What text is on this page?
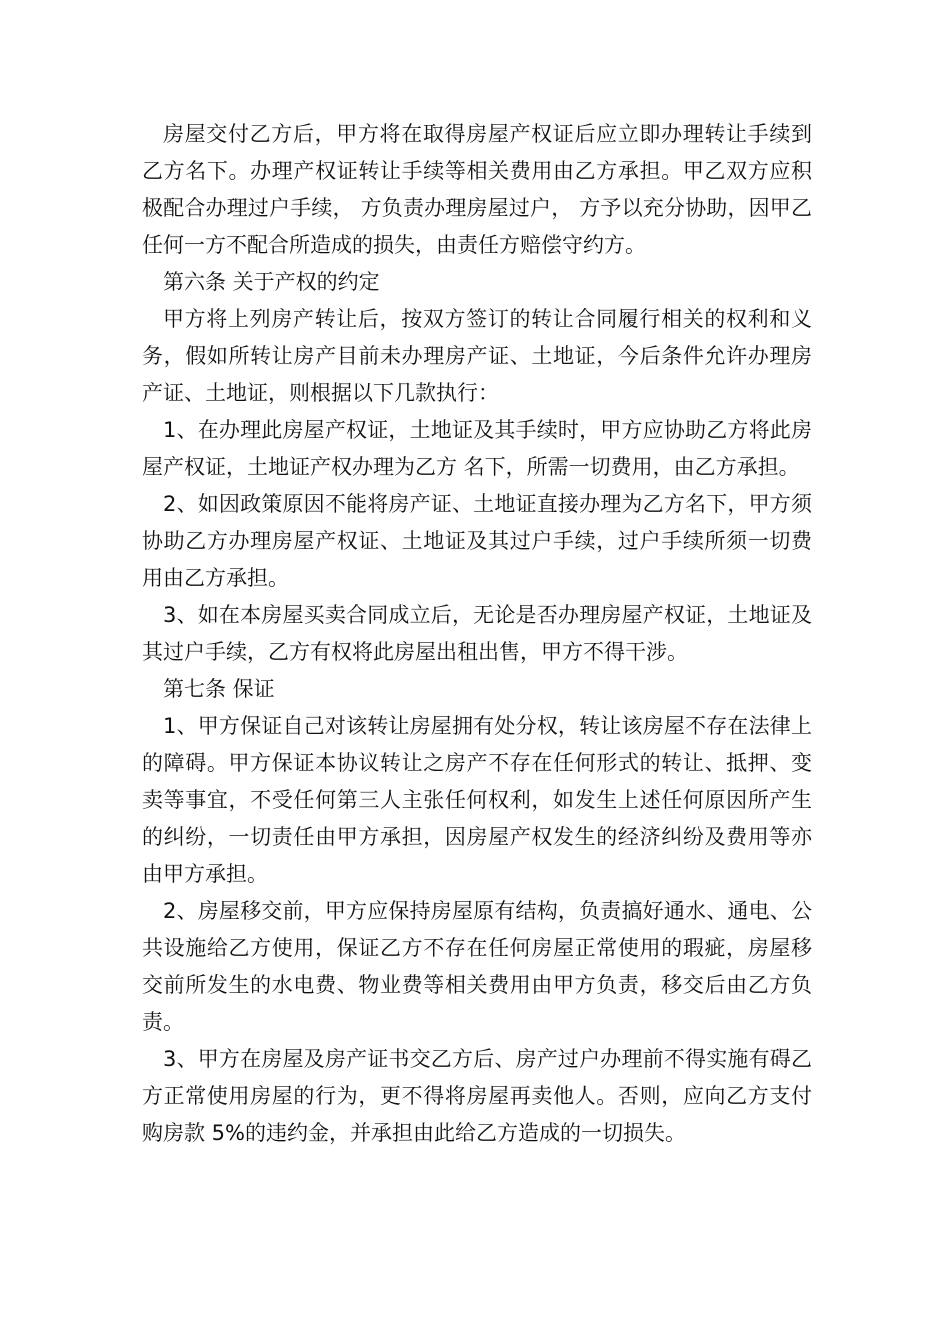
房屋交付乙方后，甲方将在取得房屋产权证后应立即办理转让手续到乙方名下。办理产权证转让手续等相关费用由乙方承担。甲乙双方应积极配合办理过户手续， 方负责办理房屋过户， 方予以充分协助，因甲乙任何一方不配合所造成的损失，由责任方赔偿守约方。

第六条 关于产权的约定

甲方将上列房产转让后，按双方签订的转让合同履行相关的权利和义务，假如所转让房产目前未办理房产证、土地证，今后条件允许办理房产证、土地证，则根据以下几款执行：

1、在办理此房屋产权证，土地证及其手续时，甲方应协助乙方将此房屋产权证，土地证产权办理为乙方 名下，所需一切费用，由乙方承担。

2、如因政策原因不能将房产证、土地证直接办理为乙方名下，甲方须协助乙方办理房屋产权证、土地证及其过户手续，过户手续所须一切费用由乙方承担。

3、如在本房屋买卖合同成立后，无论是否办理房屋产权证，土地证及其过户手续，乙方有权将此房屋出租出售，甲方不得干涉。

第七条 保证

1、甲方保证自己对该转让房屋拥有处分权，转让该房屋不存在法律上的障碍。甲方保证本协议转让之房产不存在任何形式的转让、抵押、变卖等事宜，不受任何第三人主张任何权利，如发生上述任何原因所产生的纠纷，一切责任由甲方承担，因房屋产权发生的经济纠纷及费用等亦由甲方承担。

2、房屋移交前，甲方应保持房屋原有结构，负责搞好通水、通电、公共设施给乙方使用，保证乙方不存在任何房屋正常使用的瑕疵，房屋移交前所发生的水电费、物业费等相关费用由甲方负责，移交后由乙方负责。

3、甲方在房屋及房产证书交乙方后、房产过户办理前不得实施有碍乙方正常使用房屋的行为，更不得将房屋再卖他人。否则，应向乙方支付购房款 5%的违约金，并承担由此给乙方造成的一切损失。
